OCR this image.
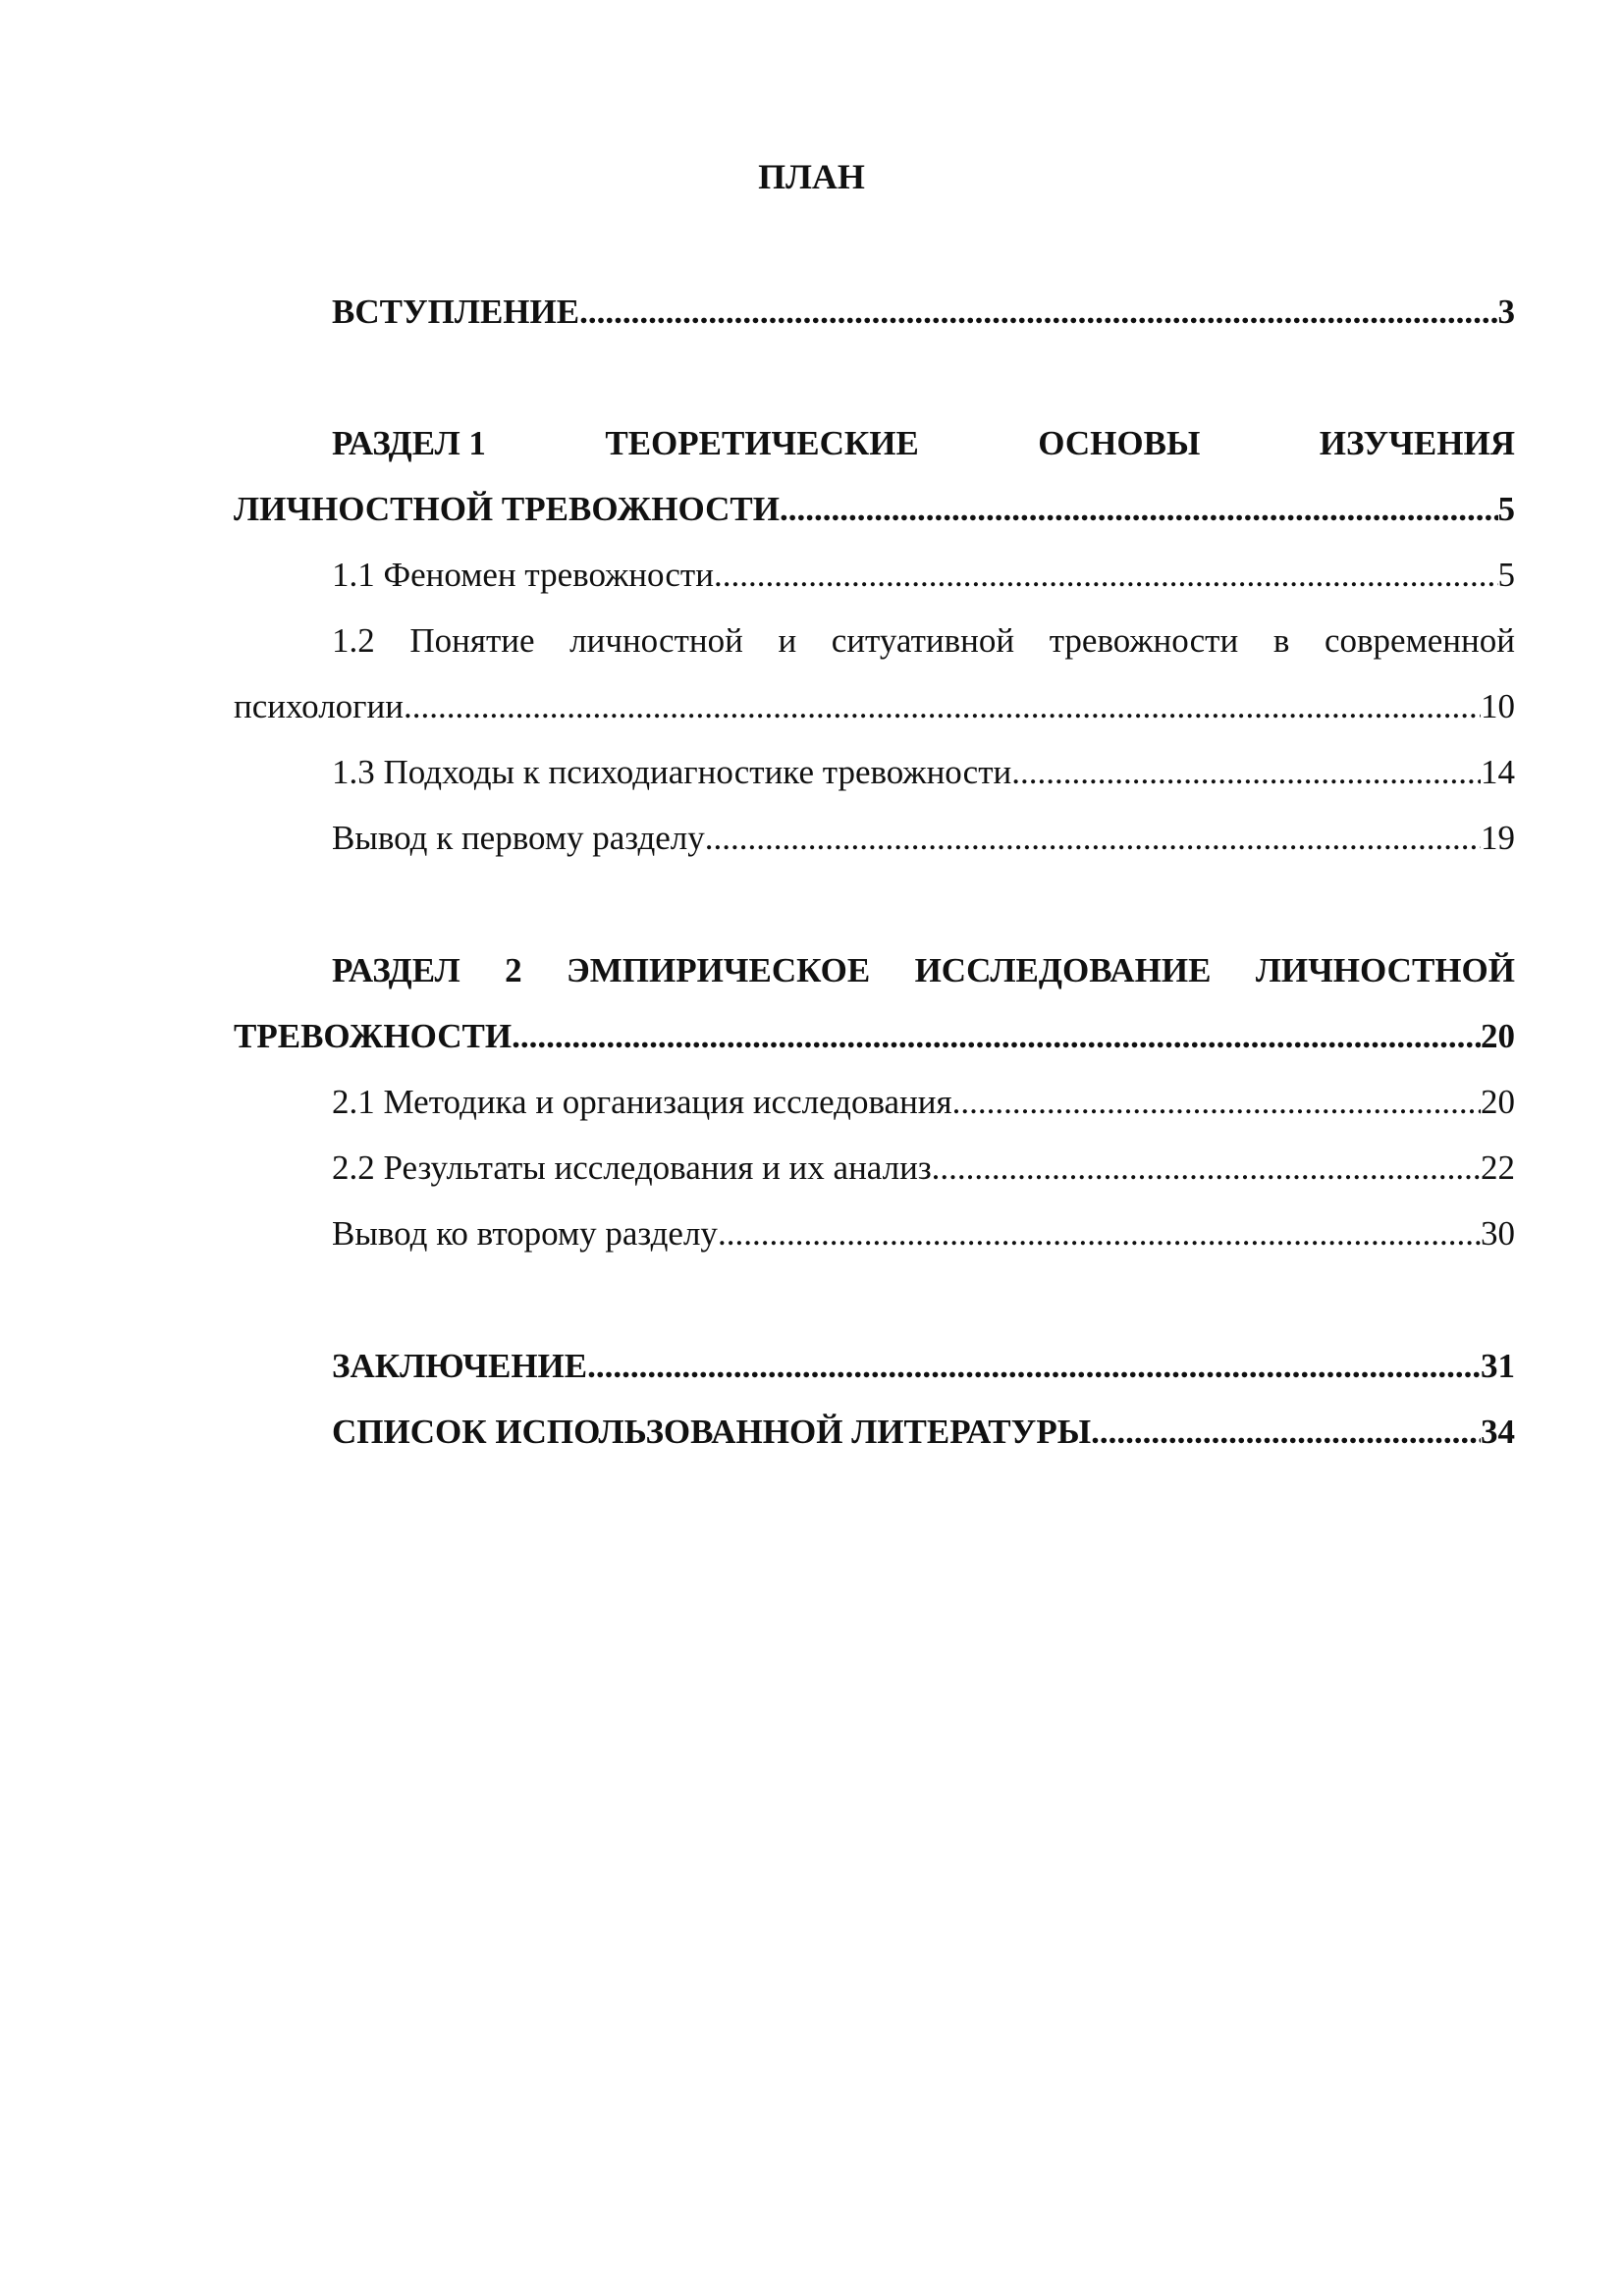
ПЛАН
ВСТУПЛЕНИЕ .....	3
РАЗДЕЛ 1	ТЕОРЕТИЧЕСКИЕ	ОСНОВЫ	ИЗУЧЕНИЯ
ЛИЧНОСТНОЙ ТРЕВОЖНОСТИ .....	5
1.1 Феномен тревожности .....	5
1.2 Понятие личностной и ситуативной тревожности в современной
психологии .....	10
1.3 Подходы к психодиагностике тревожности .....	14
Вывод к первому разделу .....	19
РАЗДЕЛ 2 ЭМПИРИЧЕСКОЕ ИССЛЕДОВАНИЕ ЛИЧНОСТНОЙ
ТРЕВОЖНОСТИ .....	20
2.1 Методика и организация исследования .....	20
2.2 Результаты исследования и их анализ .....	22
Вывод ко второму разделу .....	30
ЗАКЛЮЧЕНИЕ .....	31
СПИСОК ИСПОЛЬЗОВАННОЙ ЛИТЕРАТУРЫ .....	34
